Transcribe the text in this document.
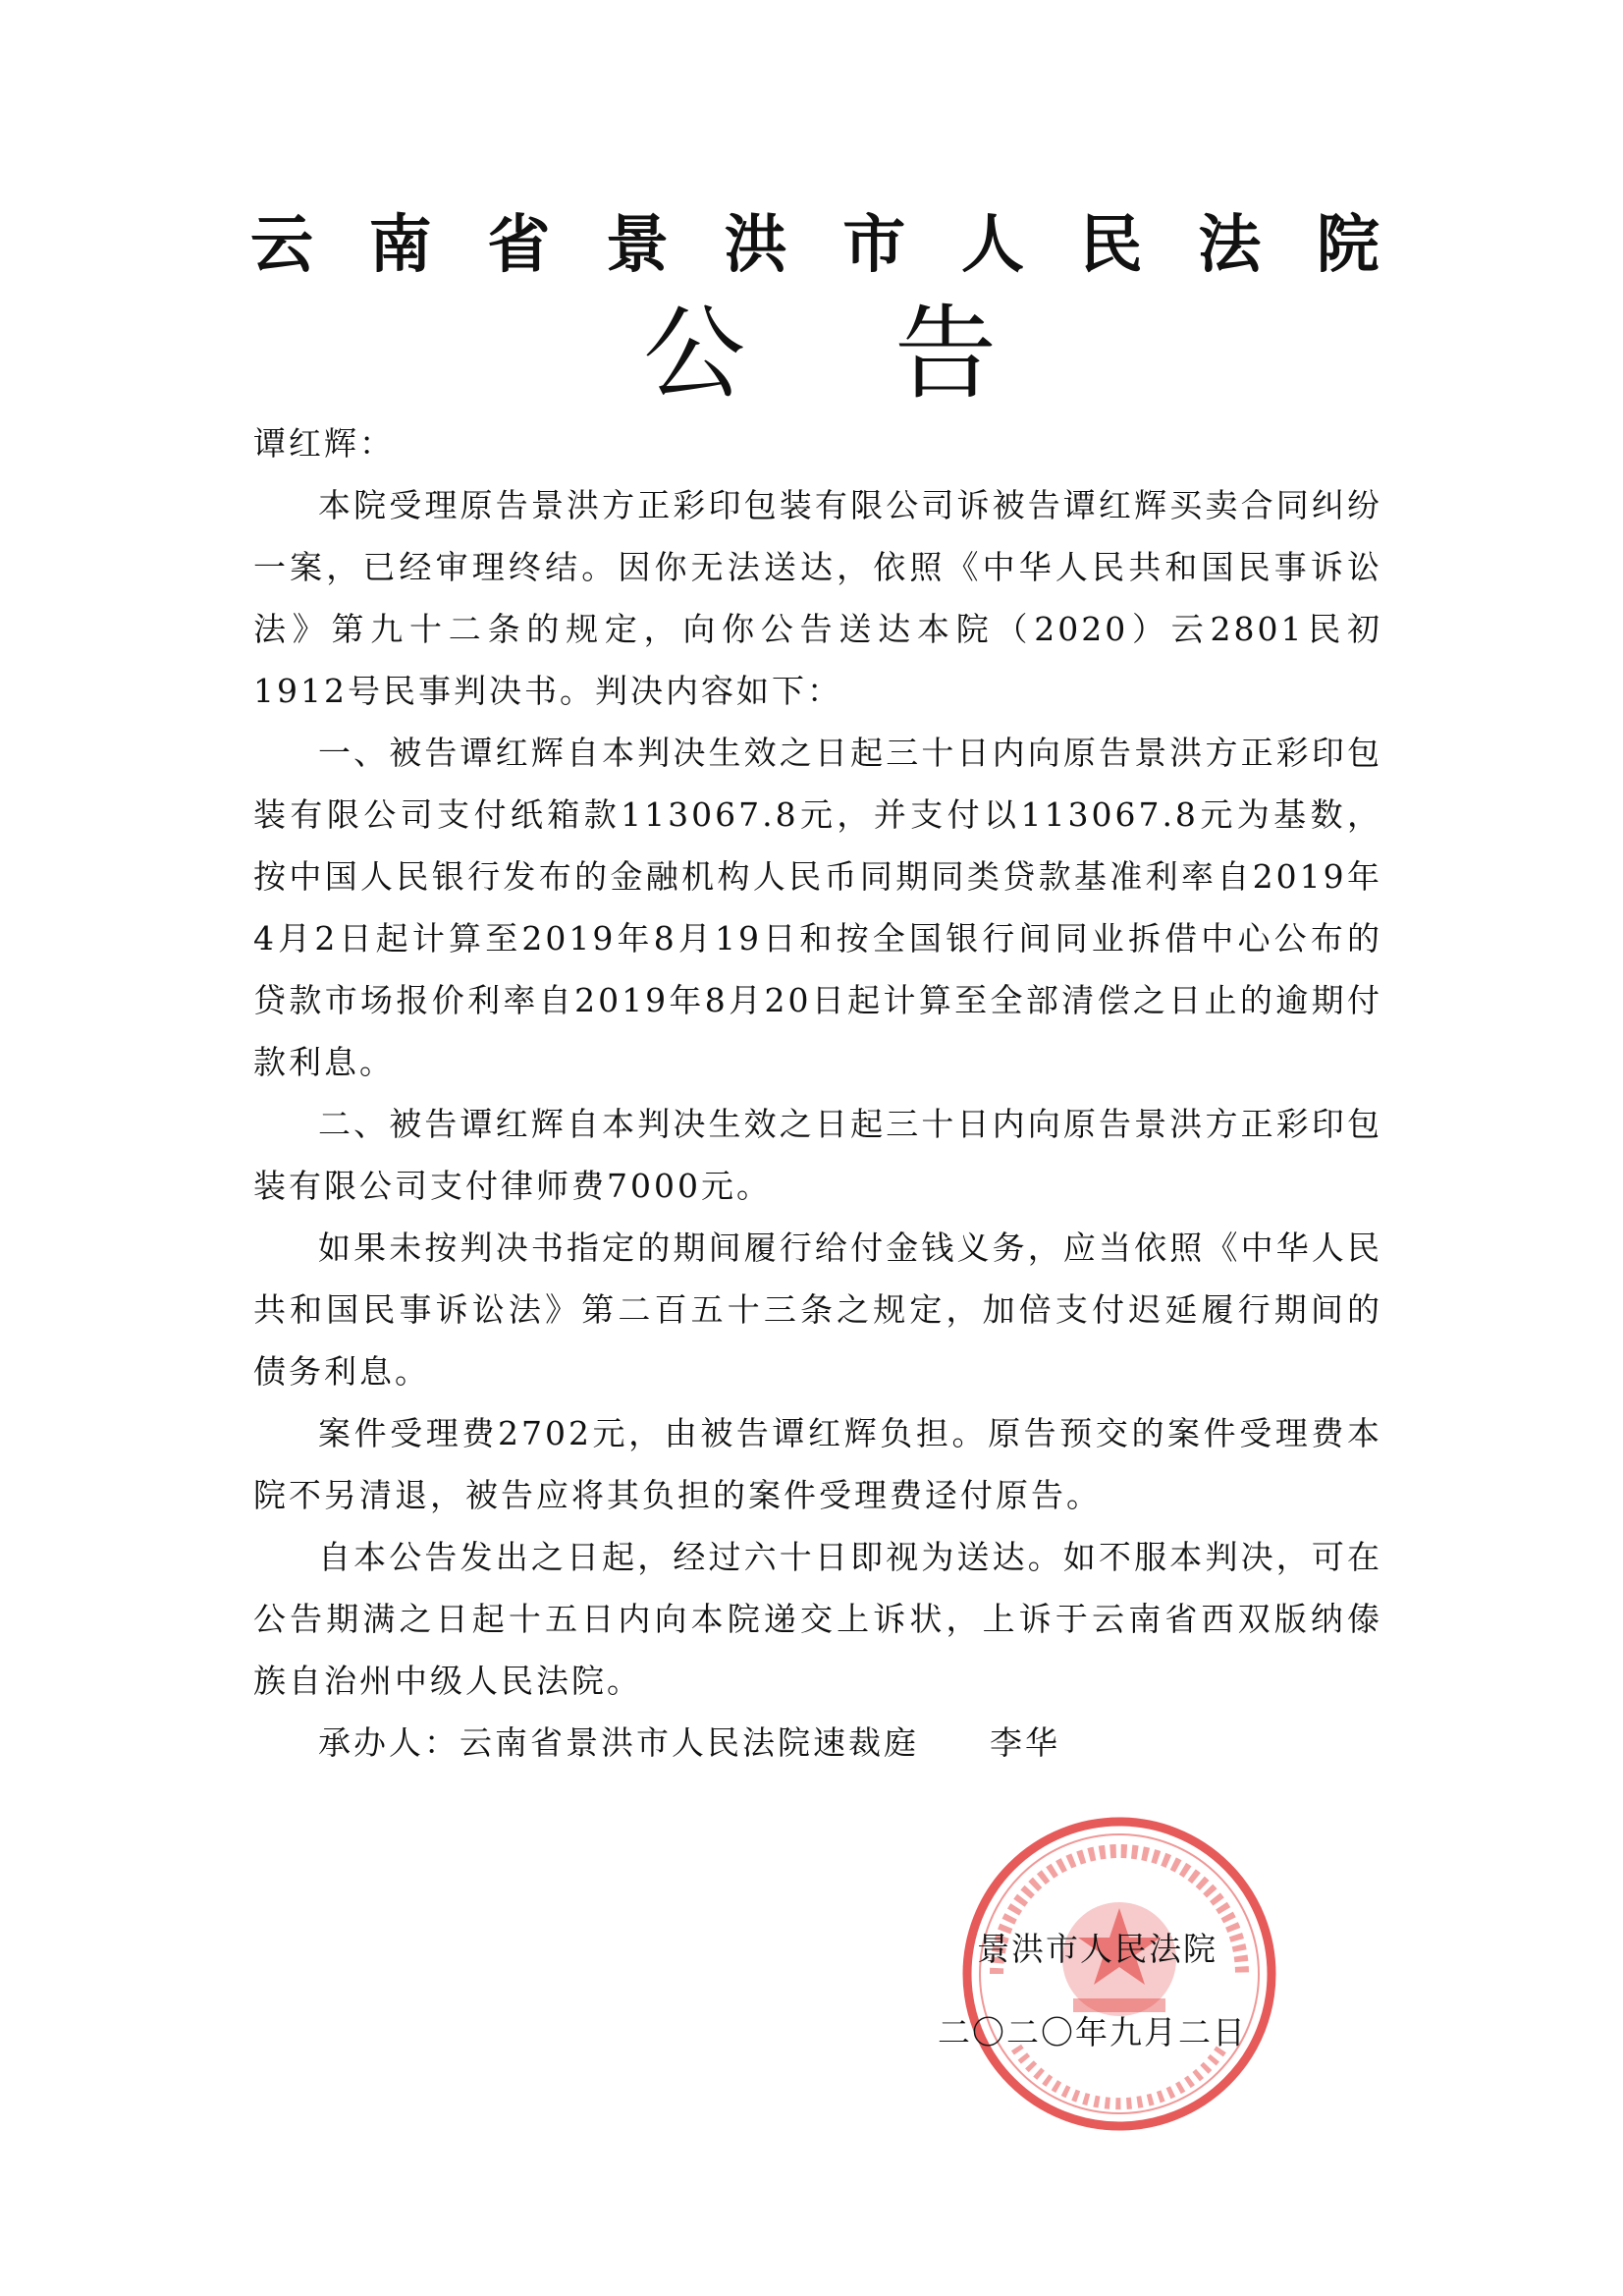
云 南 省 景 洪 市 人 民 法 院
公 告

谭红辉：

本院受理原告景洪方正彩印包装有限公司诉被告谭红辉买卖合同纠纷一案，已经审理终结。因你无法送达，依照《中华人民共和国民事诉讼法》第九十二条的规定，向你公告送达本院（2020）云2801民初1912号民事判决书。判决内容如下：

一、被告谭红辉自本判决生效之日起三十日内向原告景洪方正彩印包装有限公司支付纸箱款113067.8元，并支付以113067.8元为基数，按中国人民银行发布的金融机构人民币同期同类贷款基准利率自2019年4月2日起计算至2019年8月19日和按全国银行间同业拆借中心公布的贷款市场报价利率自2019年8月20日起计算至全部清偿之日止的逾期付款利息。

二、被告谭红辉自本判决生效之日起三十日内向原告景洪方正彩印包装有限公司支付律师费7000元。

如果未按判决书指定的期间履行给付金钱义务，应当依照《中华人民共和国民事诉讼法》第二百五十三条之规定，加倍支付迟延履行期间的债务利息。

案件受理费2702元，由被告谭红辉负担。原告预交的案件受理费本院不另清退，被告应将其负担的案件受理费迳付原告。

自本公告发出之日起，经过六十日即视为送达。如不服本判决，可在公告期满之日起十五日内向本院递交上诉状，上诉于云南省西双版纳傣族自治州中级人民法院。

承办人：云南省景洪市人民法院速裁庭　　李华

景洪市人民法院
二〇二〇年九月二日
